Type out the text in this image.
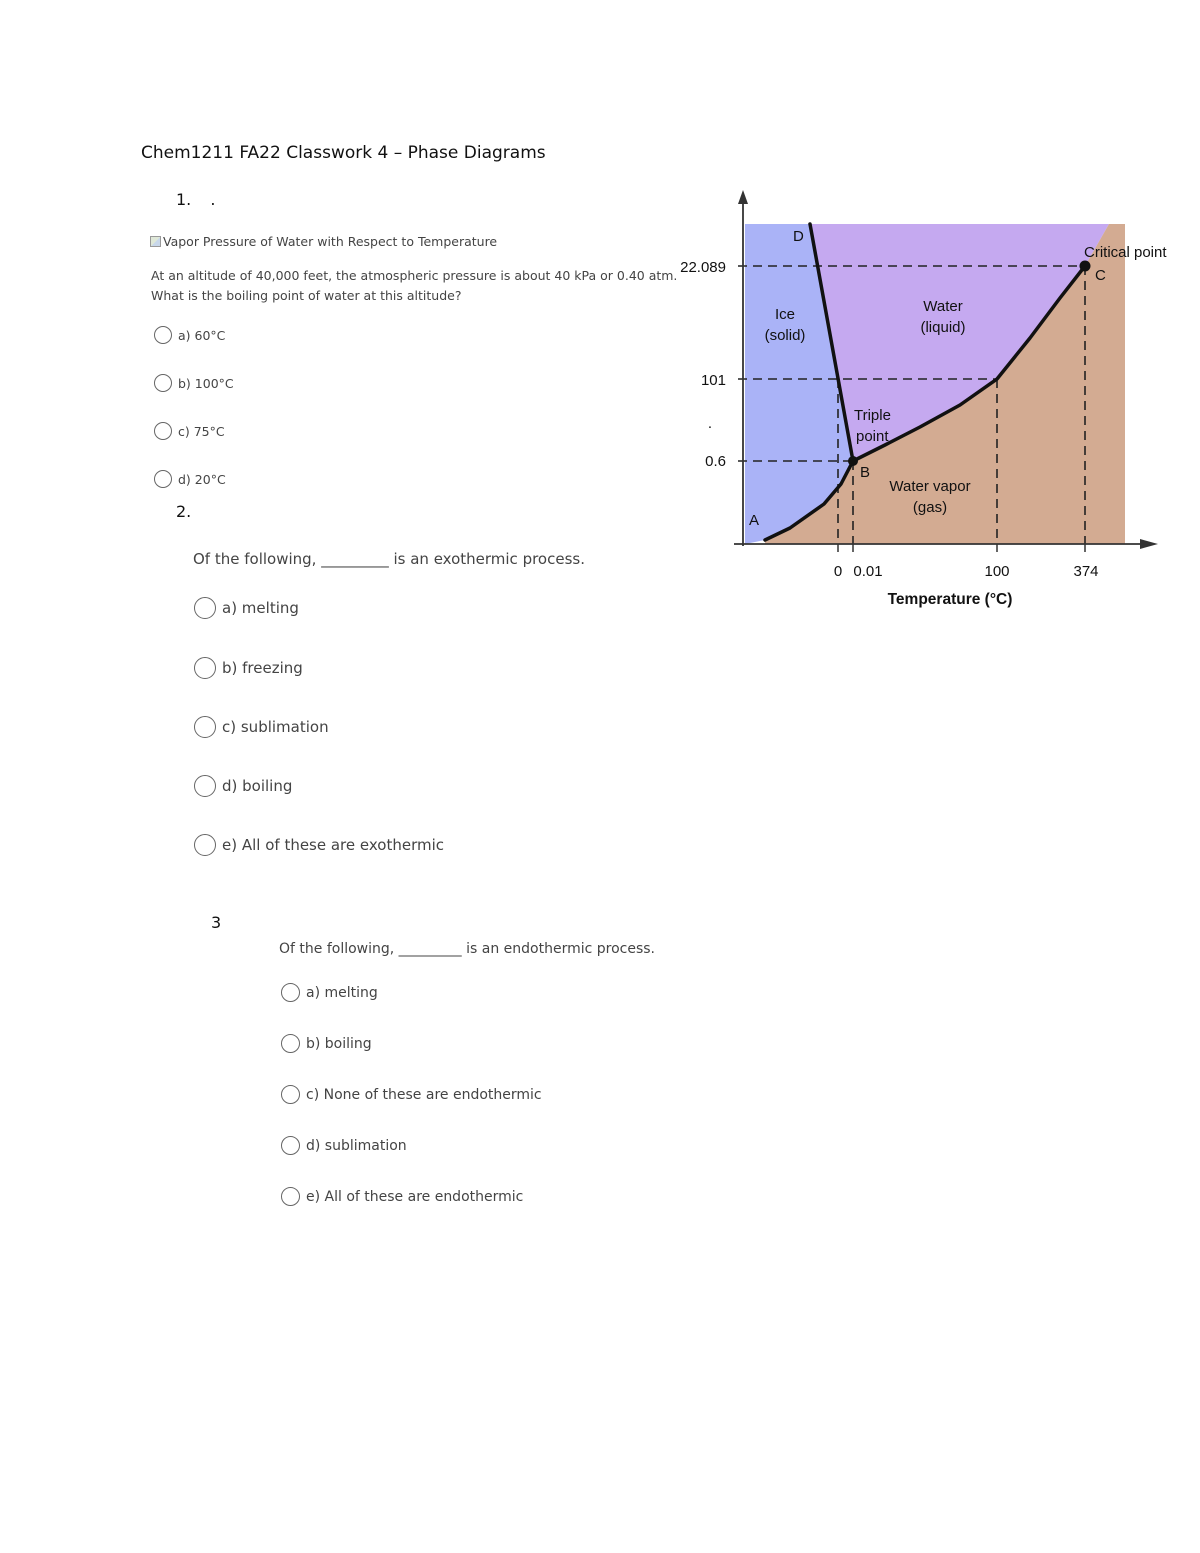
Chem1211 FA22 Classwork 4 – Phase Diagrams
1. .
Vapor Pressure of Water with Respect to Temperature
At an altitude of 40,000 feet, the atmospheric pressure is about 40 kPa or 0.40 atm.
What is the boiling point of water at this altitude?
a) 60°C
b) 100°C
c) 75°C
d) 20°C
2.
Of the following, _________ is an exothermic process.
a) melting
b) freezing
c) sublimation
d) boiling
e) All of these are exothermic
3
Of the following, _________ is an endothermic process.
a) melting
b) boiling
c) None of these are endothermic
d) sublimation
e) All of these are endothermic
22.089
101
.
0.6
0 0.01	100	374
Temperature (°C)
Ice
(solid)
Water
(liquid)
Water vapor
(gas)
D
A
B
C
Triple
point
Critical point
